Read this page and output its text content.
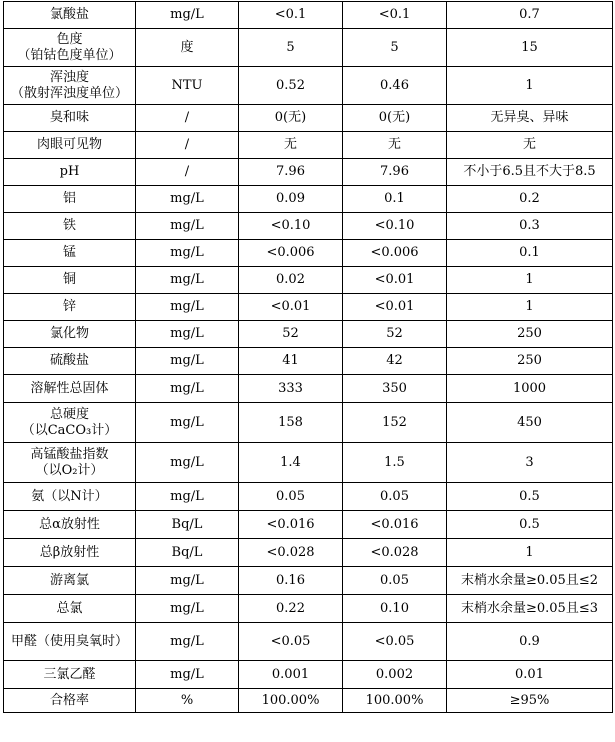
氯酸盐	mg/L	<0.1	<0.1	0.7

色度
（铂钴色度单位）	度	5	5	15

浑浊度
（散射浑浊度单位）	NTU	0.52	0.46	1

臭和味	/	0(无)	0(无)	无异臭、异味

肉眼可见物	/	无	无	无

pH	/	7.96	7.96	不小于6.5且不大于8.5

铝	mg/L	0.09	0.1	0.2

铁	mg/L	<0.10	<0.10	0.3

锰	mg/L	<0.006	<0.006	0.1

铜	mg/L	0.02	<0.01	1

锌	mg/L	<0.01	<0.01	1

氯化物	mg/L	52	52	250

硫酸盐	mg/L	41	42	250

溶解性总固体	mg/L	333	350	1000

总硬度
（以CaCO₃计）	mg/L	158	152	450

高锰酸盐指数
（以O₂计）	mg/L	1.4	1.5	3

氨（以N计）	mg/L	0.05	0.05	0.5

总α放射性	Bq/L	<0.016	<0.016	0.5

总β放射性	Bq/L	<0.028	<0.028	1

游离氯	mg/L	0.16	0.05	末梢水余量≥0.05且≤2

总氯	mg/L	0.22	0.10	末梢水余量≥0.05且≤3

甲醛（使用臭氧时）	mg/L	<0.05	<0.05	0.9

三氯乙醛	mg/L	0.001	0.002	0.01

合格率	%	100.00%	100.00%	≥95%
